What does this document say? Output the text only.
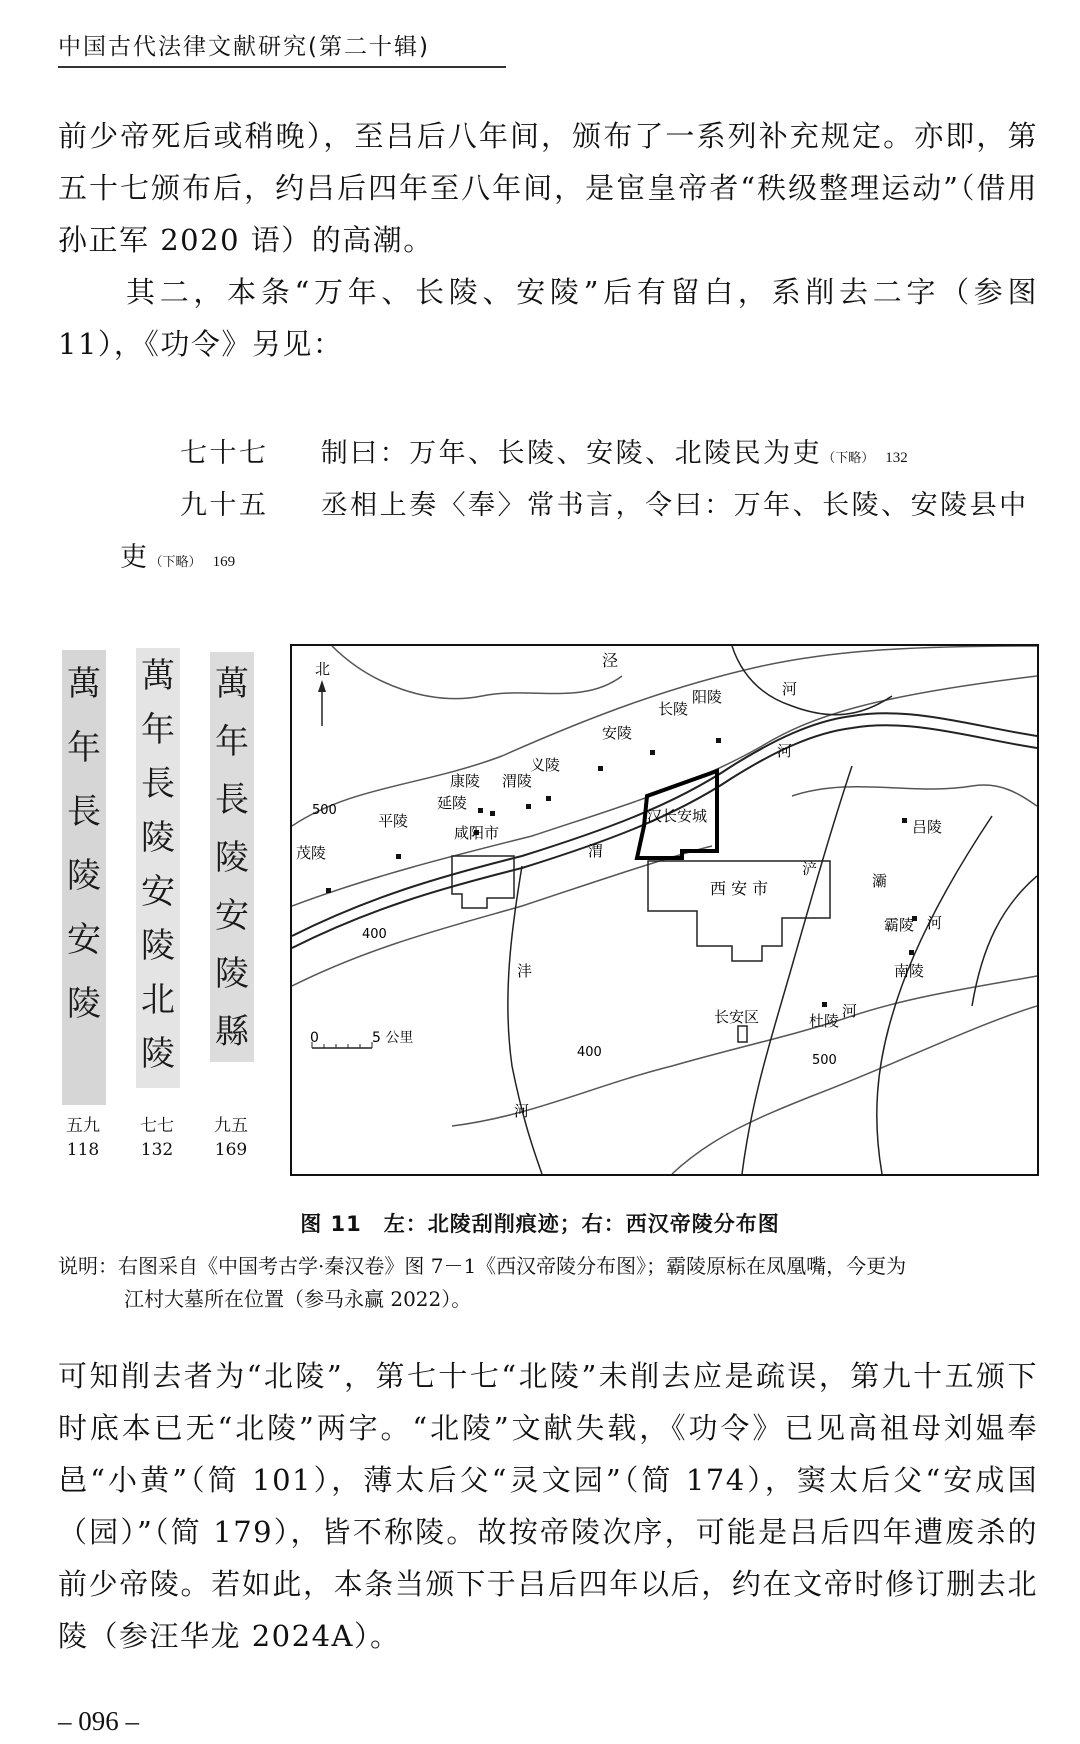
中国古代法律文献研究(第二十辑)
前少帝死后或稍晚），至吕后八年间，颁布了一系列补充规定。亦即，第五十七颁布后，约吕后四年至八年间，是宦皇帝者“秩级整理运动”（借用孙正军 2020 语）的高潮。
其二，本条“万年、长陵、安陵”后有留白，系削去二字（参图 11），《功令》另见：
七十七 制曰：万年、长陵、安陵、北陵民为吏（下略） 132
九十五 丞相上奏〈奉〉常书言，令曰：万年、长陵、安陵县中
吏（下略） 169
萬
年
長
陵
安
陵
萬
年
長
陵
安
陵
北
陵
萬
年
長
陵
安
陵
縣
五九
118
七七
132
九五
169
北	泾
河
河
渭
浐
灞
河
河
沣
河
500
400
400
500
安陵
长陵
阳陵
义陵
康陵 渭陵
延陵
平陵
茂陵
吕陵
霸陵
南陵
杜陵
咸阳市
汉长安城
西 安 市
长安区
0	5 公里
图 11　左：北陵刮削痕迹；右：西汉帝陵分布图
说明：右图采自《中国考古学·秦汉卷》图 7－1《西汉帝陵分布图》；霸陵原标在凤凰嘴，今更为
江村大墓所在位置（参马永赢 2022）。
可知削去者为“北陵”，第七十七“北陵”未削去应是疏误，第九十五颁下时底本已无“北陵”两字。“北陵”文献失载，《功令》已见高祖母刘媪奉邑“小黄”（简 101），薄太后父“灵文园”（简 174），窦太后父“安成国（园）”（简 179），皆不称陵。故按帝陵次序，可能是吕后四年遭废杀的前少帝陵。若如此，本条当颁下于吕后四年以后，约在文帝时修订删去北陵（参汪华龙 2024A）。
– 096 –
